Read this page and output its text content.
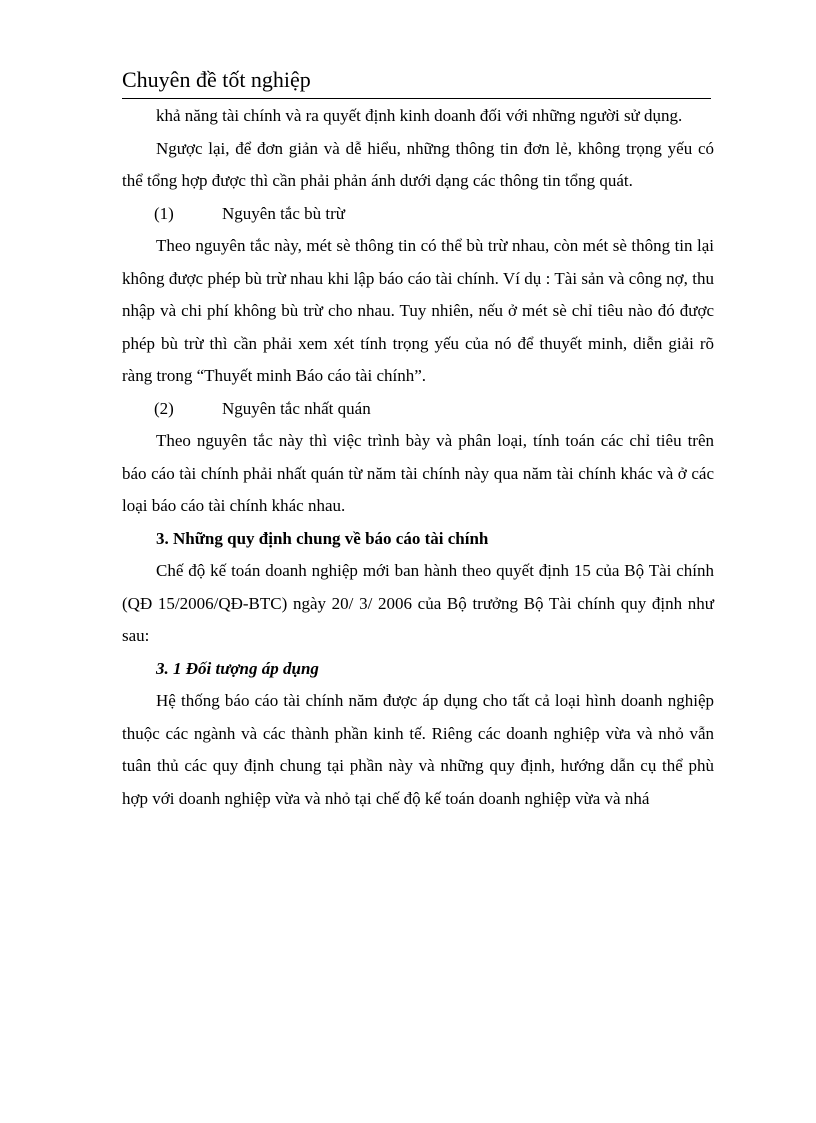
Chuyên đề tốt nghiệp

khả năng tài chính và ra quyết định kinh doanh đối với những người sử dụng.

Ngược lại, để đơn giản và dễ hiểu, những thông tin đơn lẻ, không trọng yếu có thể tổng hợp được thì cần phải phản ánh dưới dạng các thông tin tổng quát.

(1)	Nguyên tắc bù trừ

Theo nguyên tắc này, mét sè thông tin có thể bù trừ nhau, còn mét sè thông tin lại không được phép bù trừ nhau khi lập báo cáo tài chính. Ví dụ : Tài sản và công nợ, thu nhập và chi phí không bù trừ cho nhau. Tuy nhiên, nếu ở mét sè chỉ tiêu nào đó được phép bù trừ thì cần phải xem xét tính trọng yếu của nó để thuyết minh, diễn giải rõ ràng trong “Thuyết minh Báo cáo tài chính”.

(2)	Nguyên tắc nhất quán

Theo nguyên tắc này thì việc trình bày và phân loại, tính toán các chỉ tiêu trên báo cáo tài chính phải nhất quán từ năm tài chính này qua năm tài chính khác và ở các loại báo cáo tài chính khác nhau.

3. Những quy định chung về báo cáo tài chính

Chế độ kế toán doanh nghiệp mới ban hành theo quyết định 15 của Bộ Tài chính (QĐ 15/2006/QĐ-BTC) ngày 20/ 3/ 2006 của Bộ trưởng Bộ Tài chính quy định như sau:

3. 1 Đối tượng áp dụng

Hệ thống báo cáo tài chính năm được áp dụng cho tất cả loại hình doanh nghiệp thuộc các ngành và các thành phần kinh tế. Riêng các doanh nghiệp vừa và nhỏ vẫn tuân thủ các quy định chung tại phần này và những quy định, hướng dẫn cụ thể phù hợp với doanh nghiệp vừa và nhỏ tại chế độ kế toán doanh nghiệp vừa và nhá
